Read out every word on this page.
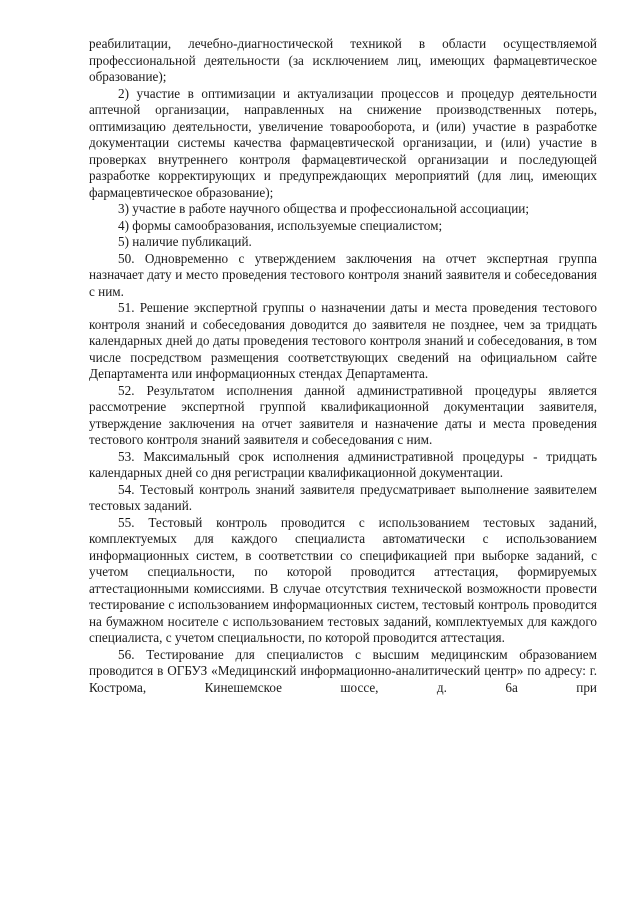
реабилитации, лечебно-диагностической техникой в области осуществляемой профессиональной деятельности (за исключением лиц, имеющих фармацевтическое образование);

2) участие в оптимизации и актуализации процессов и процедур деятельности аптечной организации, направленных на снижение производственных потерь, оптимизацию деятельности, увеличение товарооборота, и (или) участие в разработке документации системы качества фармацевтической организации, и (или) участие в проверках внутреннего контроля фармацевтической организации и последующей разработке корректирующих и предупреждающих мероприятий (для лиц, имеющих фармацевтическое образование);

3) участие в работе научного общества и профессиональной ассоциации;

4) формы самообразования, используемые специалистом;

5) наличие публикаций.

50. Одновременно с утверждением заключения на отчет экспертная группа назначает дату и место проведения тестового контроля знаний заявителя и собеседования с ним.

51. Решение экспертной группы о назначении даты и места проведения тестового контроля знаний и собеседования доводится до заявителя не позднее, чем за тридцать календарных дней до даты проведения тестового контроля знаний и собеседования, в том числе посредством размещения соответствующих сведений на официальном сайте Департамента или информационных стендах Департамента.

52. Результатом исполнения данной административной процедуры является рассмотрение экспертной группой квалификационной документации заявителя, утверждение заключения на отчет заявителя и назначение даты и места проведения тестового контроля знаний заявителя и собеседования с ним.

53. Максимальный срок исполнения административной процедуры - тридцать календарных дней со дня регистрации квалификационной документации.

54. Тестовый контроль знаний заявителя предусматривает выполнение заявителем тестовых заданий.

55. Тестовый контроль проводится с использованием тестовых заданий, комплектуемых для каждого специалиста автоматически с использованием информационных систем, в соответствии со спецификацией при выборке заданий, с учетом специальности, по которой проводится аттестация, формируемых аттестационными комиссиями. В случае отсутствия технической возможности провести тестирование с использованием информационных систем, тестовый контроль проводится на бумажном носителе с использованием тестовых заданий, комплектуемых для каждого специалиста, с учетом специальности, по которой проводится аттестация.

56. Тестирование для специалистов с высшим медицинским образованием проводится в ОГБУЗ «Медицинский информационно-аналитический центр» по адресу: г. Кострома, Кинешемское шоссе, д. 6а при
